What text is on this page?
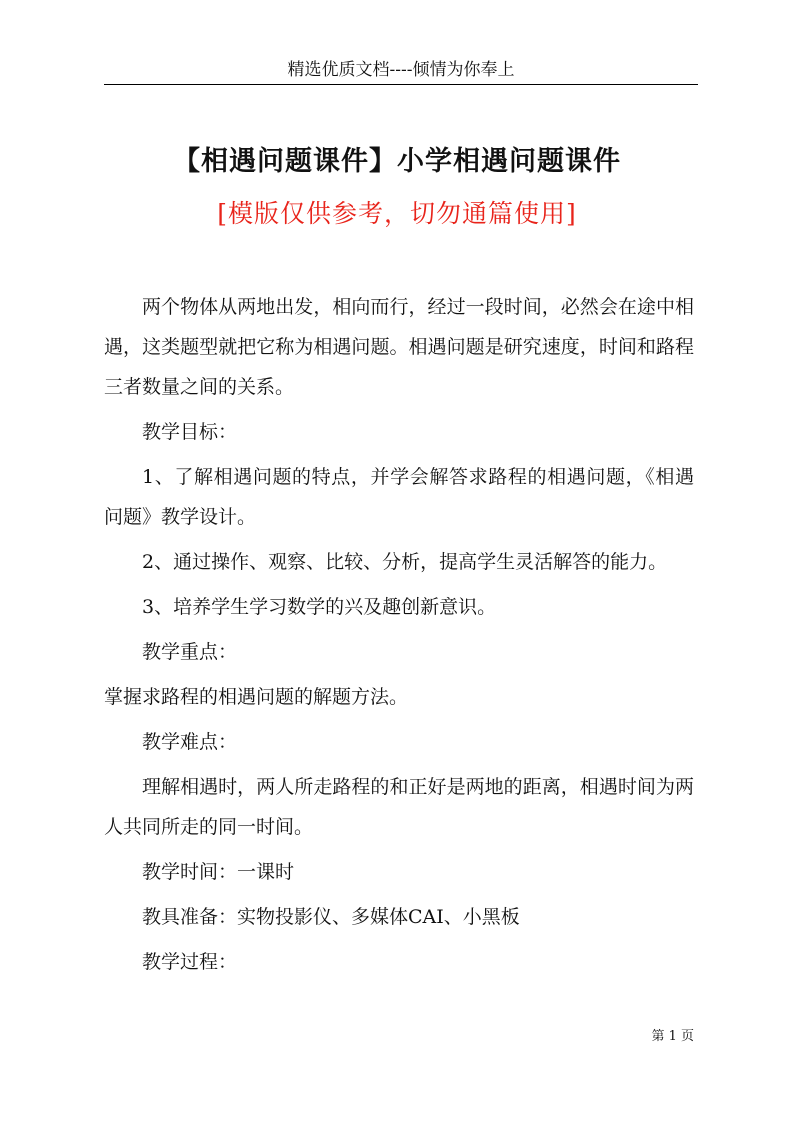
精选优质文档----倾情为你奉上
【相遇问题课件】小学相遇问题课件
[模版仅供参考，切勿通篇使用]

两个物体从两地出发，相向而行，经过一段时间，必然会在途中相遇，这类题型就把它称为相遇问题。相遇问题是研究速度，时间和路程三者数量之间的关系。

教学目标：

1、了解相遇问题的特点，并学会解答求路程的相遇问题，《相遇问题》教学设计。

2、通过操作、观察、比较、分析，提高学生灵活解答的能力。

3、培养学生学习数学的兴及趣创新意识。

教学重点：

掌握求路程的相遇问题的解题方法。

教学难点：

理解相遇时，两人所走路程的和正好是两地的距离，相遇时间为两人共同所走的同一时间。

教学时间：一课时

教具准备：实物投影仪、多媒体CAI、小黑板

教学过程：

第 1 页
